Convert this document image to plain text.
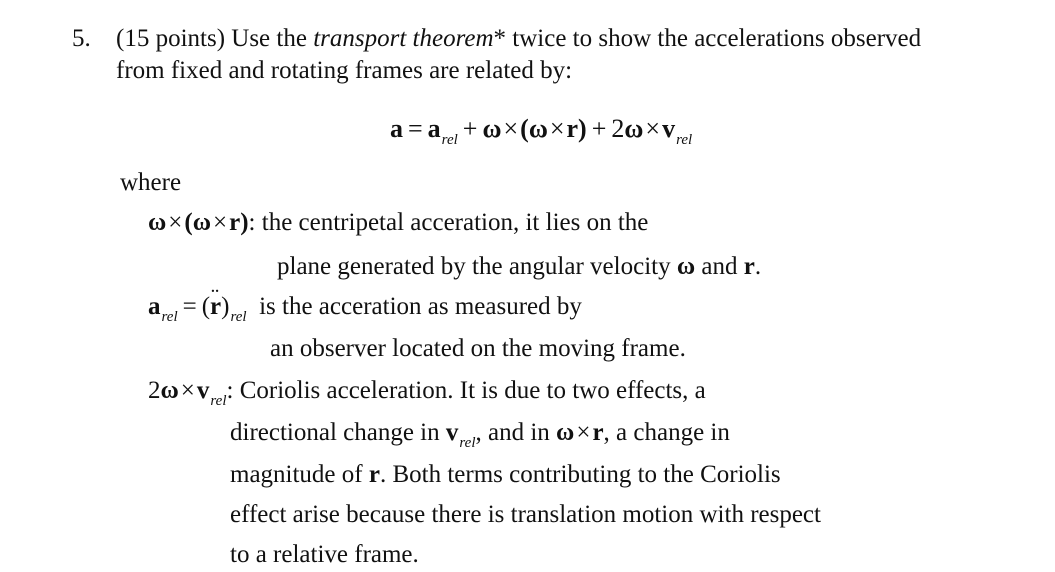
5. (15 points) Use the transport theorem* twice to show the accelerations observed
from fixed and rotating frames are related by:
$a = a_{rel} + \omega\times(\omega\times r) + 2\omega\times v_{rel}$
where
ω×(ω×r): the centripetal acceration, it lies on the
plane generated by the angular velocity ω and r.
$a_{rel} = (r$ $¨)_{rel}$ is the acceration as measured by
an observer located on the moving frame.
$2\omega\times v_{rel}$: Coriolis acceleration. It is due to two effects, a
directional change in $v_{rel}$, and in ω×r, a change in
magnitude of r. Both terms contributing to the Coriolis
effect arise because there is translation motion with respect
to a relative frame.
